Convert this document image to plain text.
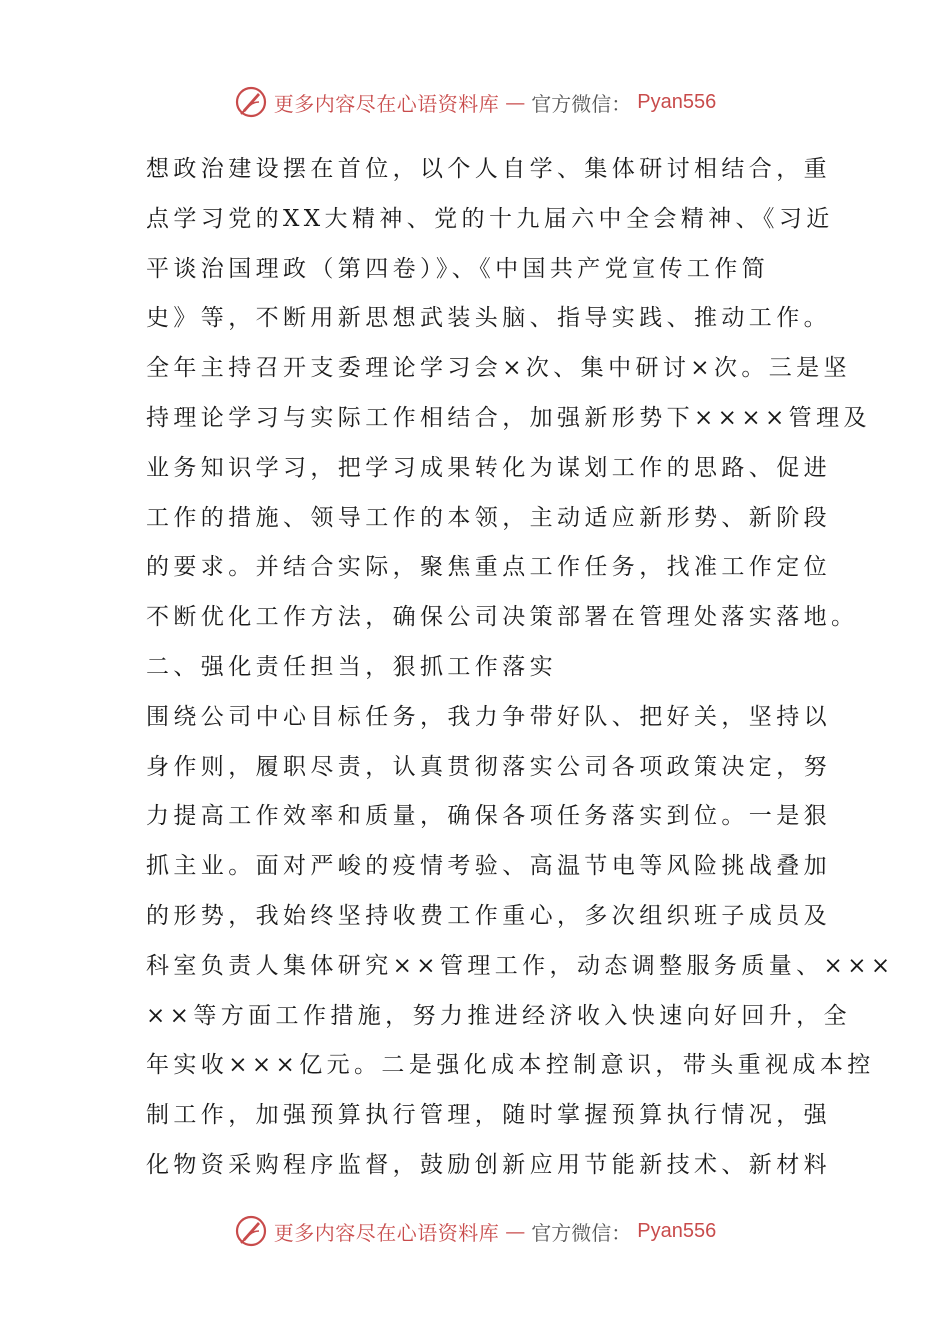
更多内容尽在心语资料库 — 官方微信： Pyan556
想政治建设摆在首位，以个人自学、集体研讨相结合，重
点学习党的XX大精神、党的十九届六中全会精神、《习近
平谈治国理政（第四卷）》、《中国共产党宣传工作简
史》等，不断用新思想武装头脑、指导实践、推动工作。
全年主持召开支委理论学习会×次、集中研讨×次。三是坚
持理论学习与实际工作相结合，加强新形势下××××管理及
业务知识学习，把学习成果转化为谋划工作的思路、促进
工作的措施、领导工作的本领，主动适应新形势、新阶段
的要求。并结合实际，聚焦重点工作任务，找准工作定位
不断优化工作方法，确保公司决策部署在管理处落实落地。
二、强化责任担当，狠抓工作落实
围绕公司中心目标任务，我力争带好队、把好关，坚持以
身作则，履职尽责，认真贯彻落实公司各项政策决定，努
力提高工作效率和质量，确保各项任务落实到位。一是狠
抓主业。面对严峻的疫情考验、高温节电等风险挑战叠加
的形势，我始终坚持收费工作重心，多次组织班子成员及
科室负责人集体研究××管理工作，动态调整服务质量、×××
××等方面工作措施，努力推进经济收入快速向好回升，全
年实收×××亿元。二是强化成本控制意识，带头重视成本控
制工作，加强预算执行管理，随时掌握预算执行情况，强
化物资采购程序监督，鼓励创新应用节能新技术、新材料
更多内容尽在心语资料库 — 官方微信： Pyan556
